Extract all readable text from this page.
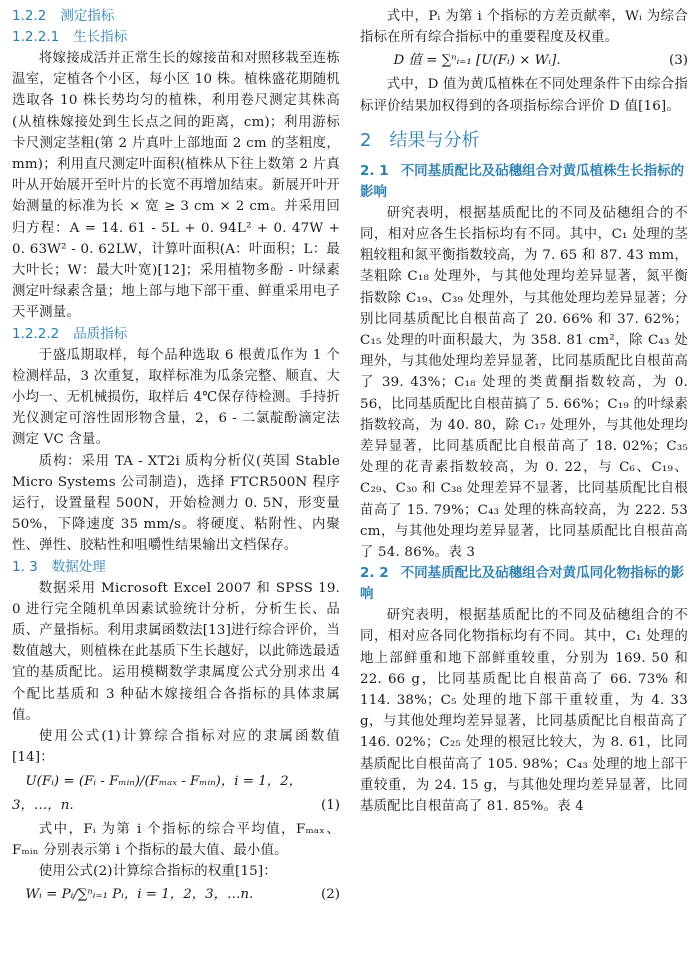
1.2.2 测定指标
1.2.2.1 生长指标

将嫁接成活并正常生长的嫁接苗和对照移栽至连栋温室，定植各个小区，每小区 10 株。植株盛花期随机选取各 10 株长势均匀的植株，利用卷尺测定其株高(从植株嫁接处到生长点之间的距离，cm)；利用游标卡尺测定茎粗(第 2 片真叶上部地面 2 cm 的茎粗度，mm)；利用直尺测定叶面积(植株从下往上数第 2 片真叶从开始展开至叶片的长宽不再增加结束。新展开叶开始测量的标准为长 × 宽 ≥ 3 cm × 2 cm。并采用回归方程：A = 14. 61 - 5L + 0. 94L² + 0. 47W + 0. 63W² - 0. 62LW，计算叶面积(A：叶面积；L：最大叶长；W：最大叶宽)[12]；采用植物多酚 - 叶绿素测定叶绿素含量；地上部与地下部干重、鲜重采用电子天平测量。

1.2.2.2 品质指标

于盛瓜期取样，每个品种选取 6 根黄瓜作为 1 个检测样品，3 次重复，取样标准为瓜条完整、顺直、大小均一、无机械损伤，取样后 4℃保存待检测。手持折光仪测定可溶性固形物含量，2，6 - 二氯靛酚滴定法测定 VC 含量。

质构：采用 TA - XT2i 质构分析仪(英国 Stable Micro Systems 公司制造)，选择 FTCR500N 程序运行，设置量程 500N，开始检测力 0. 5N，形变量 50%，下降速度 35 mm/s。将硬度、粘附性、内聚性、弹性、胶粘性和咀嚼性结果输出文档保存。

1. 3 数据处理

数据采用 Microsoft Excel 2007 和 SPSS 19. 0 进行完全随机单因素试验统计分析，分析生长、品质、产量指标。利用隶属函数法[13]进行综合评价，当数值越大，则植株在此基质下生长越好，以此筛选最适宜的基质配比。运用模糊数学隶属度公式分别求出 4 个配比基质和 3 种砧木嫁接组合各指标的具体隶属值。

使用公式(1)计算综合指标对应的隶属函数值[14]：

U(Fᵢ) = (Fᵢ - Fₘᵢₙ)/(Fₘₐₓ - Fₘᵢₙ)，i = 1，2，
3，…，n.	(1)

式中，Fᵢ 为第 i 个指标的综合平均值，Fₘₐₓ、Fₘᵢₙ 分别表示第 i 个指标的最大值、最小值。

使用公式(2)计算综合指标的权重[15]：

Wᵢ = Pᵢ/∑ⁿᵢ₌₁ Pᵢ，i = 1，2，3，…n.	(2)

式中，Pᵢ 为第 i 个指标的方差贡献率，Wᵢ 为综合指标在所有综合指标中的重要程度及权重。

D 值 = ∑ⁿᵢ₌₁ [U(Fᵢ) × Wᵢ].	(3)

式中，D 值为黄瓜植株在不同处理条件下由综合指标评价结果加权得到的各项指标综合评价 D 值[16]。

2 结果与分析
2. 1 不同基质配比及砧穗组合对黄瓜植株生长指标的影响

研究表明，根据基质配比的不同及砧穗组合的不同，相对应各生长指标均有不同。其中，C₁ 处理的茎粗较粗和氮平衡指数较高，为 7. 65 和 87. 43 mm，茎粗除 C₁₈ 处理外，与其他处理均差异显著，氮平衡指数除 C₁₉、C₃₉ 处理外，与其他处理均差异显著；分别比同基质配比自根苗高了 20. 66% 和 37. 62%；C₁₅ 处理的叶面积最大，为 358. 81 cm²，除 C₄₃ 处理外，与其他处理均差异显著，比同基质配比自根苗高了 39. 43%；C₁₈ 处理的类黄酮指数较高，为 0. 56，比同基质配比自根苗搞了 5. 66%；C₁₉ 的叶绿素指数较高，为 40. 80，除 C₁₇ 处理外，与其他处理均差异显著，比同基质配比自根苗高了 18. 02%；C₃₅ 处理的花青素指数较高，为 0. 22，与 C₆、C₁₉、C₂₉、C₃₀ 和 C₃₈ 处理差异不显著，比同基质配比自根苗高了 15. 79%；C₄₃ 处理的株高较高，为 222. 53 cm，与其他处理均差异显著，比同基质配比自根苗高了 54. 86%。表 3

2. 2 不同基质配比及砧穗组合对黄瓜同化物指标的影响

研究表明，根据基质配比的不同及砧穗组合的不同，相对应各同化物指标均有不同。其中，C₁ 处理的地上部鲜重和地下部鲜重较重，分别为 169. 50 和 22. 66 g，比同基质配比自根苗高了 66. 73% 和 114. 38%；C₅ 处理的地下部干重较重，为 4. 33 g，与其他处理均差异显著，比同基质配比自根苗高了 146. 02%；C₂₅ 处理的根冠比较大，为 8. 61，比同基质配比自根苗高了 105. 98%；C₄₃ 处理的地上部干重较重，为 24. 15 g，与其他处理均差异显著，比同基质配比自根苗高了 81. 85%。表 4
